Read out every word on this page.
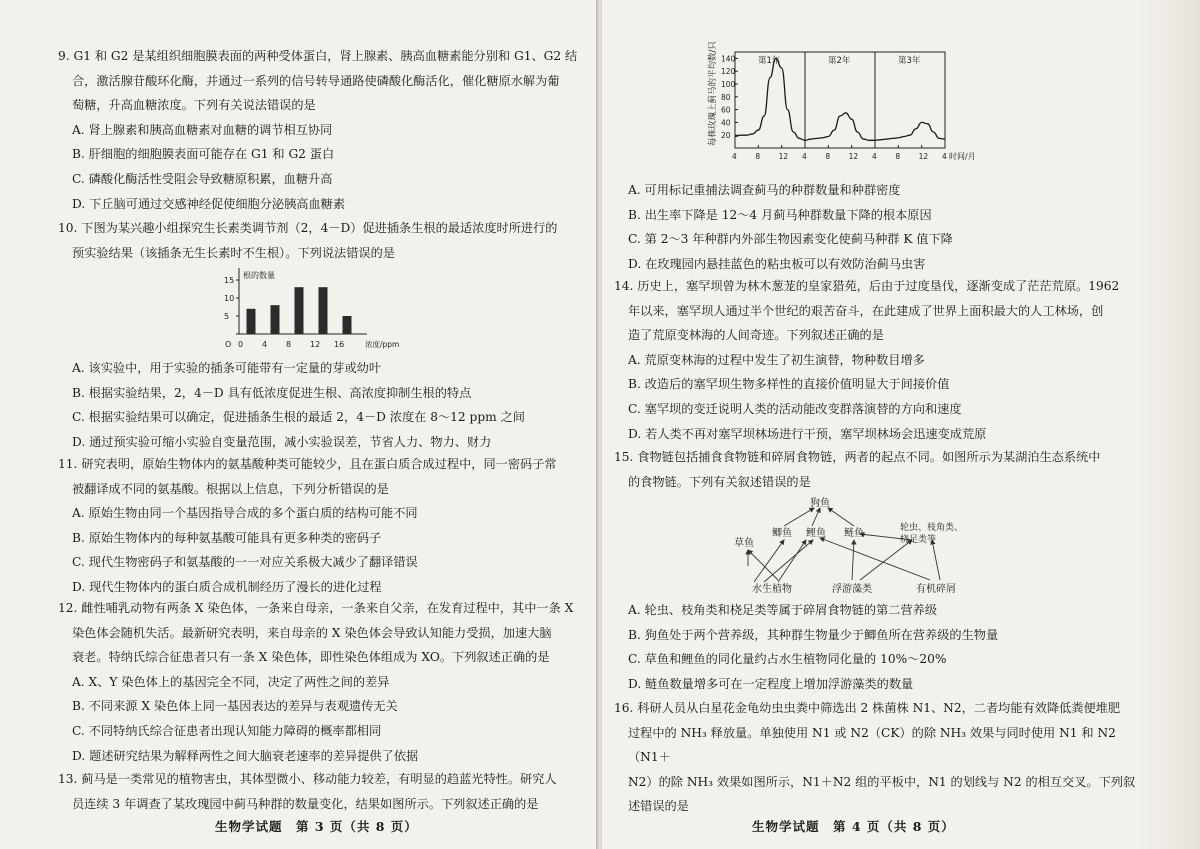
9. G1 和 G2 是某组织细胞膜表面的两种受体蛋白，肾上腺素、胰高血糖素能分别和 G1、G2 结

合，激活腺苷酸环化酶，并通过一系列的信号转导通路使磷酸化酶活化，催化糖原水解为葡

萄糖，升高血糖浓度。下列有关说法错误的是

A. 肾上腺素和胰高血糖素对血糖的调节相互协同

B. 肝细胞的细胞膜表面可能存在 G1 和 G2 蛋白

C. 磷酸化酶活性受阻会导致糖原积累，血糖升高

D. 下丘脑可通过交感神经促使细胞分泌胰高血糖素

10. 下图为某兴趣小组探究生长素类调节剂（2，4－D）促进插条生根的最适浓度时所进行的

预实验结果（该插条无生长素时不生根）。下列说法错误的是

根的数量
浓度/ppm
5
10
15
O 0 4 8 12 16

A. 该实验中，用于实验的插条可能带有一定量的芽或幼叶

B. 根据实验结果，2，4－D 具有低浓度促进生根、高浓度抑制生根的特点

C. 根据实验结果可以确定，促进插条生根的最适 2，4－D 浓度在 8～12 ppm 之间

D. 通过预实验可缩小实验自变量范围，减小实验误差，节省人力、物力、财力

11. 研究表明，原始生物体内的氨基酸种类可能较少，且在蛋白质合成过程中，同一密码子常

被翻译成不同的氨基酸。根据以上信息，下列分析错误的是

A. 原始生物由同一个基因指导合成的多个蛋白质的结构可能不同

B. 原始生物体内的每种氨基酸可能具有更多种类的密码子

C. 现代生物密码子和氨基酸的一一对应关系极大减少了翻译错误

D. 现代生物体内的蛋白质合成机制经历了漫长的进化过程

12. 雌性哺乳动物有两条 X 染色体，一条来自母亲，一条来自父亲，在发育过程中，其中一条 X

染色体会随机失活。最新研究表明，来自母亲的 X 染色体会导致认知能力受损，加速大脑

衰老。特纳氏综合征患者只有一条 X 染色体，即性染色体组成为 XO。下列叙述正确的是

A. X、Y 染色体上的基因完全不同，决定了两性之间的差异

B. 不同来源 X 染色体上同一基因表达的差异与表观遗传无关

C. 不同特纳氏综合征患者出现认知能力障碍的概率都相同

D. 题述研究结果为解释两性之间大脑衰老速率的差异提供了依据

13. 蓟马是一类常见的植物害虫，其体型微小、移动能力较差，有明显的趋蓝光特性。研究人

员连续 3 年调查了某玫瑰园中蓟马种群的数量变化，结果如图所示。下列叙述正确的是

生物学试题　第 3 页（共 8 页）
每株玫瑰上蓟马的平均数/只 20
40
60
80
100
120
140	第1年	第2年	第3年
4 8 12 4 8 12 4 8 12 4 时间/月

A. 可用标记重捕法调查蓟马的种群数量和种群密度

B. 出生率下降是 12～4 月蓟马种群数量下降的根本原因

C. 第 2～3 年种群内外部生物因素变化使蓟马种群 K 值下降

D. 在玫瑰园内悬挂蓝色的粘虫板可以有效防治蓟马虫害

14. 历史上，塞罕坝曾为林木葱茏的皇家猎苑，后由于过度垦伐，逐渐变成了茫茫荒原。1962

年以来，塞罕坝人通过半个世纪的艰苦奋斗，在此建成了世界上面积最大的人工林场，创

造了荒原变林海的人间奇迹。下列叙述正确的是

A. 荒原变林海的过程中发生了初生演替，物种数目增多

B. 改造后的塞罕坝生物多样性的直接价值明显大于间接价值

C. 塞罕坝的变迁说明人类的活动能改变群落演替的方向和速度

D. 若人类不再对塞罕坝林场进行干预，塞罕坝林场会迅速变成荒原

15. 食物链包括捕食食物链和碎屑食物链，两者的起点不同。如图所示为某湖泊生态系统中

的食物链。下列有关叙述错误的是

狗鱼
鲫鱼 鲤鱼 鲢鱼
草鱼
轮虫、枝角类、桡足类等
水生植物	浮游藻类	有机碎屑

A. 轮虫、枝角类和桡足类等属于碎屑食物链的第二营养级

B. 狗鱼处于两个营养级，其种群生物量少于鲫鱼所在营养级的生物量

C. 草鱼和鲤鱼的同化量约占水生植物同化量的 10%～20%

D. 鲢鱼数量增多可在一定程度上增加浮游藻类的数量

16. 科研人员从白星花金龟幼虫虫粪中筛选出 2 株菌株 N1、N2，二者均能有效降低粪便堆肥

过程中的 NH₃ 释放量。单独使用 N1 或 N2（CK）的除 NH₃ 效果与同时使用 N1 和 N2（N1＋

N2）的除 NH₃ 效果如图所示，N1＋N2 组的平板中，N1 的划线与 N2 的相互交叉。下列叙

述错误的是

生物学试题　第 4 页（共 8 页）
